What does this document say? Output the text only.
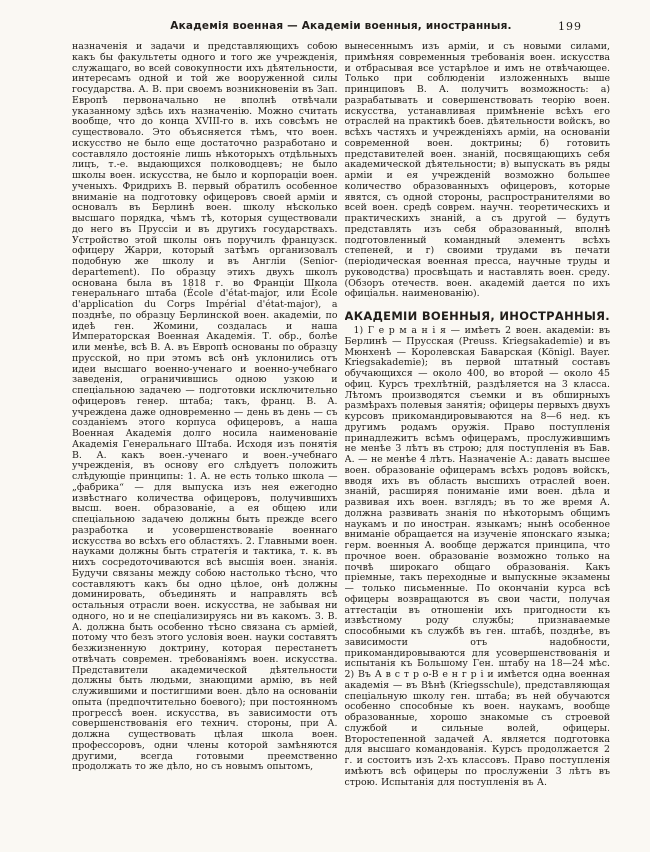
Академія военная — Академіи военныя, иностранныя.	199

назначенія и задачи и представляющихъ собою какъ бы факультеты одного и того же учрежденія, служащаго, во всей совокупности ихъ дѣятельности, интересамъ одной и той же вооруженной силы государства. А. В. при своемъ возникновеніи въ Зап. Европѣ первоначально не вполнѣ отвѣчали указанному здѣсь ихъ назначенію. Можно считать вообще, что до конца XVIII-го в. ихъ совсѣмъ не существовало. Это объясняется тѣмъ, что воен. искусство не было еще достаточно разработано и составляло достояніе лишь нѣкоторыхъ отдѣльныхъ лицъ, т.-е. выдающихся полководцевъ; не было школы воен. искусства, не было и корпораціи воен. ученыхъ. Фридрихъ В. первый обратилъ особенное вниманіе на подготовку офицеровъ своей арміи и основалъ въ Берлинѣ воен. школу нѣсколько высшаго порядка, чѣмъ тѣ, которыя существовали до него въ Пруссіи и въ другихъ государствахъ. Устройство этой школы онъ поручилъ французск. офицеру Жарри, который затѣмъ организовалъ подобную же школу и въ Англіи (Senior-departement). По образцу этихъ двухъ школъ основана была въ 1818 г. во Франціи Школа генеральнаго штаба (École d'état-major, или École d'application du Corps Impérial d'état-major), а позднѣе, по образцу Берлинской воен. академіи, по идеѣ ген. Жомини, создалась и наша Императорская Военная Академія. Т. обр., болѣе или менѣе, всѣ В. А. въ Европѣ основаны по образцу прусской, но при этомъ всѣ онѣ уклонились отъ идеи высшаго военно-ученаго и военно-учебнаго заведенія, ограничившись одною узкою и спеціальною задачею — подготовки исключительно офицеровъ генер. штаба; такъ, франц. В. А. учреждена даже одновременно — день въ день — съ созданіемъ этого корпуса офицеровъ, а наша Военная Академія долго носила наименованіе Академія Генеральнаго Штаба. Исходя изъ понятія В. А. какъ воен.-ученаго и воен.-учебнаго учрежденія, въ основу его слѣдуетъ положить слѣдующіе принципы: 1. А. не есть только школа — „фабрика“ — для выпуска изъ нея ежегодно извѣстнаго количества офицеровъ, получившихъ высш. воен. образованіе, а ея общею или спеціальною задачею должны быть прежде всего разработка и усовершенствованіе военнаго искусства во всѣхъ его областяхъ. 2. Главными воен. науками должны быть стратегія и тактика, т. к. въ нихъ сосредоточиваются всѣ высшія воен. знанія. Будучи связаны между собою настолько тѣсно, что составляютъ какъ бы одно цѣлое, онѣ должны доминировать, объединять и направлять всѣ остальныя отрасли воен. искусства, не забывая ни одного, но и не спеціализируясь ни въ какомъ. 3. В. А. должна быть особенно тѣсно связана съ арміей, потому что безъ этого условія воен. науки составятъ безжизненную доктрину, которая перестанетъ отвѣчать современ. требованіямъ воен. искусства. Представители академической дѣятельности должны быть людьми, знающими армію, въ ней служившими и постигшими воен. дѣло на основаніи опыта (предпочтительно боевого); при постоянномъ прогрессѣ воен. искусства, въ зависимости отъ совершенствованія его технич. стороны, при А. должна существовать цѣлая школа воен. профессоровъ, одни члены которой замѣняются другими, всегда готовыми преемственно продолжать то же дѣло, но съ новымъ опытомъ,

вынесеннымъ изъ арміи, и съ новыми силами, примѣняя современныя требованія воен. искусства и отбрасывая все устарѣлое и имъ не отвѣчающее. Только при соблюденіи изложенныхъ выше принциповъ В. А. получитъ возможность: а) разрабатывать и совершенствовать теорію воен. искусства, устанавливая примѣненіе всѣхъ его отраслей на практикѣ боев. дѣятельности войскъ, во всѣхъ частяхъ и учрежденіяхъ арміи, на основаніи современной воен. доктрины; б) готовить представителей воен. знаній, посвящающихъ себя академической дѣятельности; в) выпускать въ ряды арміи и ея учрежденій возможно большее количество образованныхъ офицеровъ, которые явятся, съ одной стороны, распространителями во всей воен. средѣ соврем. научн. теоретическихъ и практическихъ знаній, а съ другой — будутъ представлять изъ себя образованный, вполнѣ подготовленный командный элементъ всѣхъ степеней, и г) своими трудами въ печати (періодическая военная пресса, научные труды и руководства) просвѣщать и наставлять воен. среду. (Обзоръ отечеств. воен. академій дается по ихъ офиціальн. наименованію).

АКАДЕМІИ ВОЕННЫЯ, ИНОСТРАННЫЯ.

1) Г е р м а н і я — имѣетъ 2 воен. академіи: въ Берлинѣ — Прусская (Preuss. Kriegsakademie) и въ Мюнхенѣ — Королевская Баварская (Königl. Bayer. Kriegsakademie); въ первой штатный составъ обучающихся — около 400, во второй — около 45 офиц. Курсъ трехлѣтній, раздѣляется на 3 класса. Лѣтомъ производятся съемки и въ обширныхъ размѣрахъ полевыя занятія; офицеры первыхъ двухъ курсовъ прикомандировываются на 8—6 нед. къ другимъ родамъ оружія. Право поступленія принадлежитъ всѣмъ офицерамъ, прослужившимъ не менѣе 3 лѣтъ въ строю; для поступленія въ Бав. А. — не менѣе 4 лѣтъ. Назначеніе А.: давать высшее воен. образованіе офицерамъ всѣхъ родовъ войскъ, вводя ихъ въ область высшихъ отраслей воен. знаній, расширяя пониманіе ими воен. дѣла и развивая ихъ воен. взглядъ; въ то же время А. должна развивать знанія по нѣкоторымъ общимъ наукамъ и по иностран. языкамъ; нынѣ особенное вниманіе обращается на изученіе японскаго языка; герм. военныя А. вообще держатся принципа, что прочное воен. образованіе возможно только на почвѣ широкаго общаго образованія. Какъ пріемные, такъ переходные и выпускные экзамены — только письменные. По окончаніи курса всѣ офицеры возвращаются въ свои части, получая аттестаціи въ отношеніи ихъ пригодности къ извѣстному роду службы; признаваемые способными къ службѣ въ ген. штабѣ, позднѣе, въ зависимости отъ надобности, прикомандировываются для усовершенствованія и испытанія къ Большому Ген. штабу на 18—24 мѣс. 2) Въ А в с т р о-В е н г р і и имѣется одна военная академія — въ Вѣнѣ (Kriegsschule), представляющая спеціальную школу ген. штаба; въ ней обучаются особенно способные къ воен. наукамъ, вообще образованные, хорошо знакомые съ строевой службой и сильные волей, офицеры. Второстепенной задачей А. является подготовка для высшаго командованія. Курсъ продолжается 2 г. и состоитъ изъ 2-хъ классовъ. Право поступленія имѣютъ всѣ офицеры по прослуженіи 3 лѣтъ въ строю. Испытанія для поступленія въ А.
